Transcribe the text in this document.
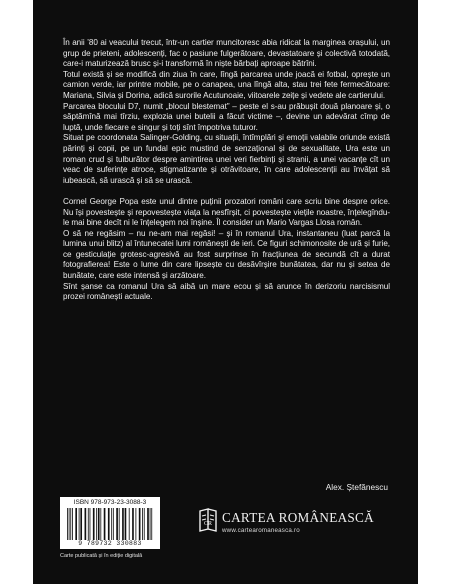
În anii ’80 ai veacului trecut, într-un cartier muncitoresc abia ridicat la marginea orașului, un grup de prieteni, adolescenți, fac o pasiune fulgerătoare, devastatoare și colectivă totodată, care-i maturizează brusc și-i transformă în niște bărbați aproape bătrîni.

Totul există și se modifică din ziua în care, lîngă parcarea unde joacă ei fotbal, oprește un camion verde, iar printre mobile, pe o canapea, una lîngă alta, stau trei fete fermecătoare: Mariana, Silvia și Dorina, adică surorile Acutunoaie, viitoarele zeițe și vedete ale cartierului.

Parcarea blocului D7, numit „blocul blestemat” – peste el s-au prăbușit două planoare și, o săptămînă mai tîrziu, explozia unei butelii a făcut victime –, devine un adevărat cîmp de luptă, unde fiecare e singur și toți sînt împotriva tuturor.

Situat pe coordonata Salinger-Golding, cu situații, întîmplări și emoții valabile oriunde există părinți și copii, pe un fundal epic mustind de senzațional și de sexualitate, Ura este un roman crud și tulburător despre amintirea unei veri fierbinți și stranii, a unei vacanțe cît un veac de suferințe atroce, stigmatizante și otrăvitoare, în care adolescenții au învățat să iubească, să urască și să se urască.

Cornel George Popa este unul dintre puținii prozatori români care scriu bine despre orice. Nu își povestește și repovestește viața la nesfîrșit, ci povestește viețile noastre, înțelegîndu-le mai bine decît ni le înțelegem noi înșine. Îl consider un Mario Vargas Llosa român.

O să ne regăsim – nu ne-am mai regăsi! – și în romanul Ura, instantaneu (luat parcă la lumina unui blitz) al întunecatei lumi românești de ieri. Ce figuri schimonosite de ură și furie, ce gesticulație grotesc-agresivă au fost surprinse în fracțiunea de secundă cît a durat fotografierea! Este o lume din care lipsește cu desăvîrșire bunătatea, dar nu și setea de bunătate, care este intensă și arzătoare.

Sînt șanse ca romanul Ura să aibă un mare ecou și să arunce în derizoriu narcisismul prozei românești actuale.

Alex. Ștefănescu
ISBN 978-973-23-3088-3
9 789732 330883
Carte publicată și în ediție digitală
CR CARTEA ROMÂNEASCĂ
www.cartearomaneasca.ro
